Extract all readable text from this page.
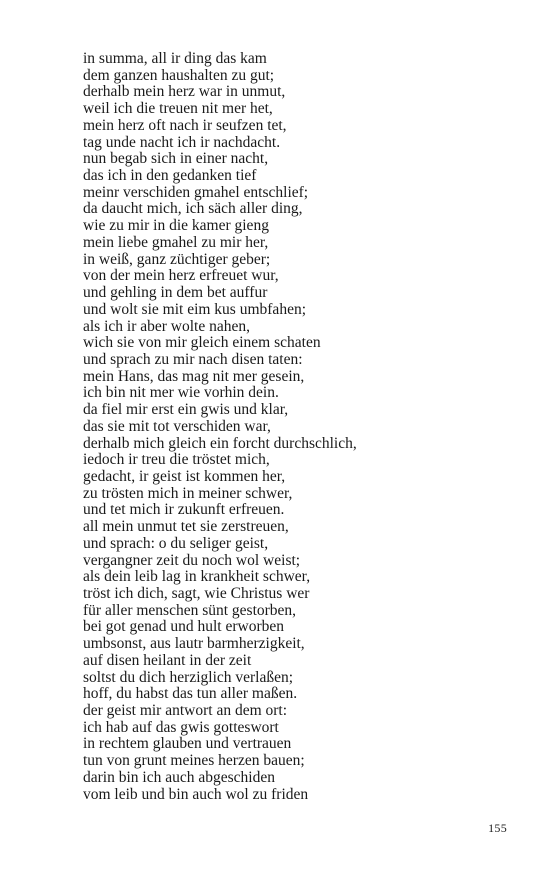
in summa, all ir ding das kam
dem ganzen haushalten zu gut;
derhalb mein herz war in unmut,
weil ich die treuen nit mer het,
mein herz oft nach ir seufzen tet,
tag unde nacht ich ir nachdacht.
nun begab sich in einer nacht,
das ich in den gedanken tief
meinr verschiden gmahel entschlief;
da daucht mich, ich säch aller ding,
wie zu mir in die kamer gieng
mein liebe gmahel zu mir her,
in weiß, ganz züchtiger geber;
von der mein herz erfreuet wur,
und gehling in dem bet auffur
und wolt sie mit eim kus umbfahen;
als ich ir aber wolte nahen,
wich sie von mir gleich einem schaten
und sprach zu mir nach disen taten:
mein Hans, das mag nit mer gesein,
ich bin nit mer wie vorhin dein.
da fiel mir erst ein gwis und klar,
das sie mit tot verschiden war,
derhalb mich gleich ein forcht durchschlich,
iedoch ir treu die tröstet mich,
gedacht, ir geist ist kommen her,
zu trösten mich in meiner schwer,
und tet mich ir zukunft erfreuen.
all mein unmut tet sie zerstreuen,
und sprach: o du seliger geist,
vergangner zeit du noch wol weist;
als dein leib lag in krankheit schwer,
tröst ich dich, sagt, wie Christus wer
für aller menschen sünt gestorben,
bei got genad und hult erworben
umbsonst, aus lautr barmherzigkeit,
auf disen heilant in der zeit
soltst du dich herziglich verlaßen;
hoff, du habst das tun aller maßen.
der geist mir antwort an dem ort:
ich hab auf das gwis gotteswort
in rechtem glauben und vertrauen
tun von grunt meines herzen bauen;
darin bin ich auch abgeschiden
vom leib und bin auch wol zu friden
155
